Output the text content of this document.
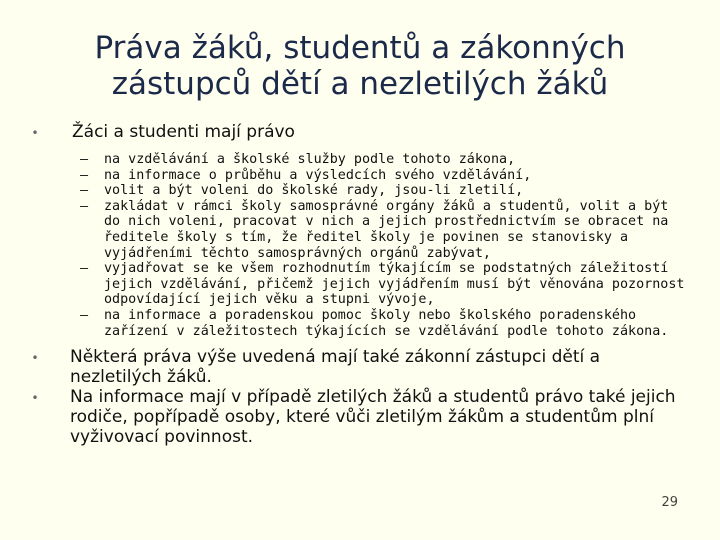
Práva žáků, studentů a zákonných zástupců dětí a nezletilých žáků
•	Žáci a studenti mají právo
–	na vzdělávání a školské služby podle tohoto zákona,
–	na informace o průběhu a výsledcích svého vzdělávání,
–	volit a být voleni do školské rady, jsou-li zletilí,
–	zakládat v rámci školy samosprávné orgány žáků a studentů, volit a být do nich voleni, pracovat v nich a jejich prostřednictvím se obracet na ředitele školy s tím, že ředitel školy je povinen se stanovisky a vyjádřeními těchto samosprávných orgánů zabývat,
–	vyjadřovat se ke všem rozhodnutím týkajícím se podstatných záležitostí jejich vzdělávání, přičemž jejich vyjádřením musí být věnována pozornost odpovídající jejich věku a stupni vývoje,
–	na informace a poradenskou pomoc školy nebo školského poradenského zařízení v záležitostech týkajících se vzdělávání podle tohoto zákona.
•	Některá práva výše uvedená mají také zákonní zástupci dětí a nezletilých žáků.
•	Na informace mají v případě zletilých žáků a studentů právo také jejich rodiče, popřípadě osoby, které vůči zletilým žákům a studentům plní vyživovací povinnost.
29
